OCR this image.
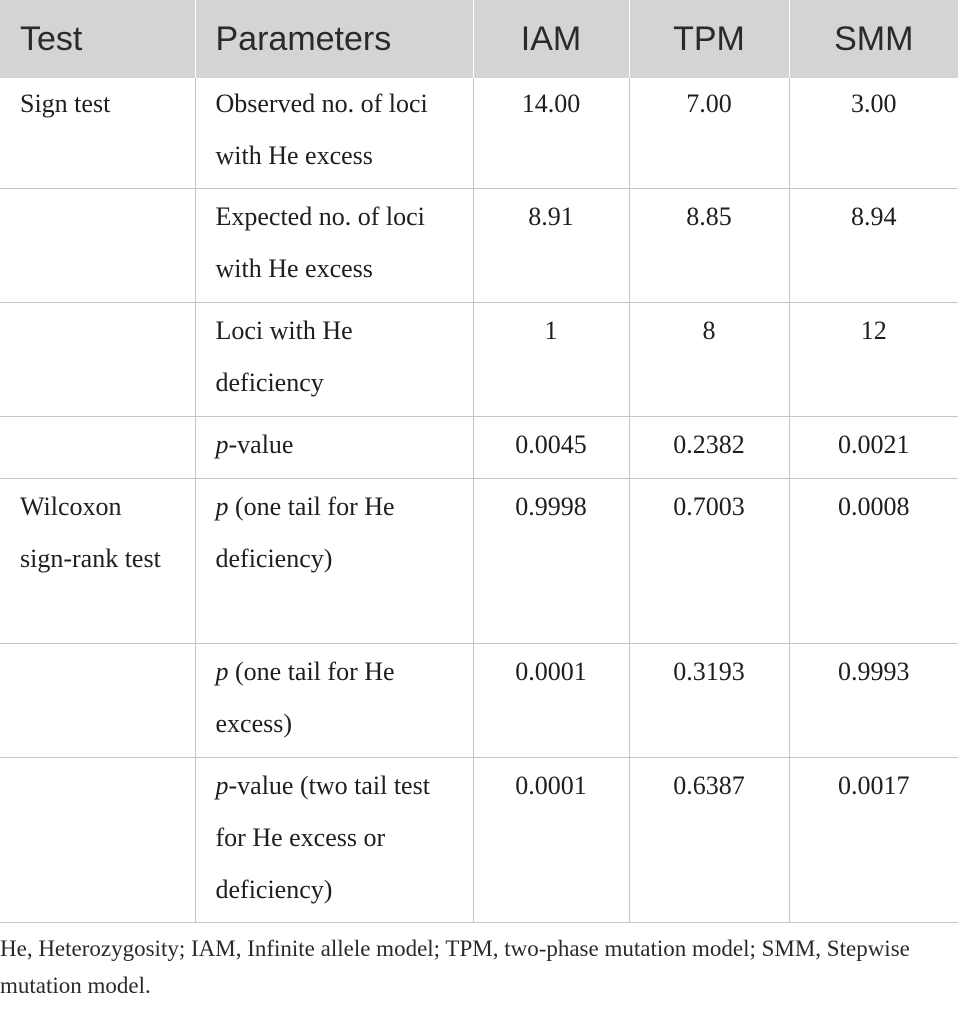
Test	Parameters	IAM	TPM	SMM
Sign test	Observed no. of loci with He excess	14.00	7.00	3.00
	Expected no. of loci with He excess	8.91	8.85	8.94
	Loci with He deficiency	1	8	12
	p-value	0.0045	0.2382	0.0021
Wilcoxon sign-rank test	p (one tail for He deficiency)	0.9998	0.7003	0.0008
	p (one tail for He excess)	0.0001	0.3193	0.9993
	p-value (two tail test for He excess or deficiency)	0.0001	0.6387	0.0017
He, Heterozygosity; IAM, Infinite allele model; TPM, two-phase mutation model; SMM, Stepwise mutation model.
